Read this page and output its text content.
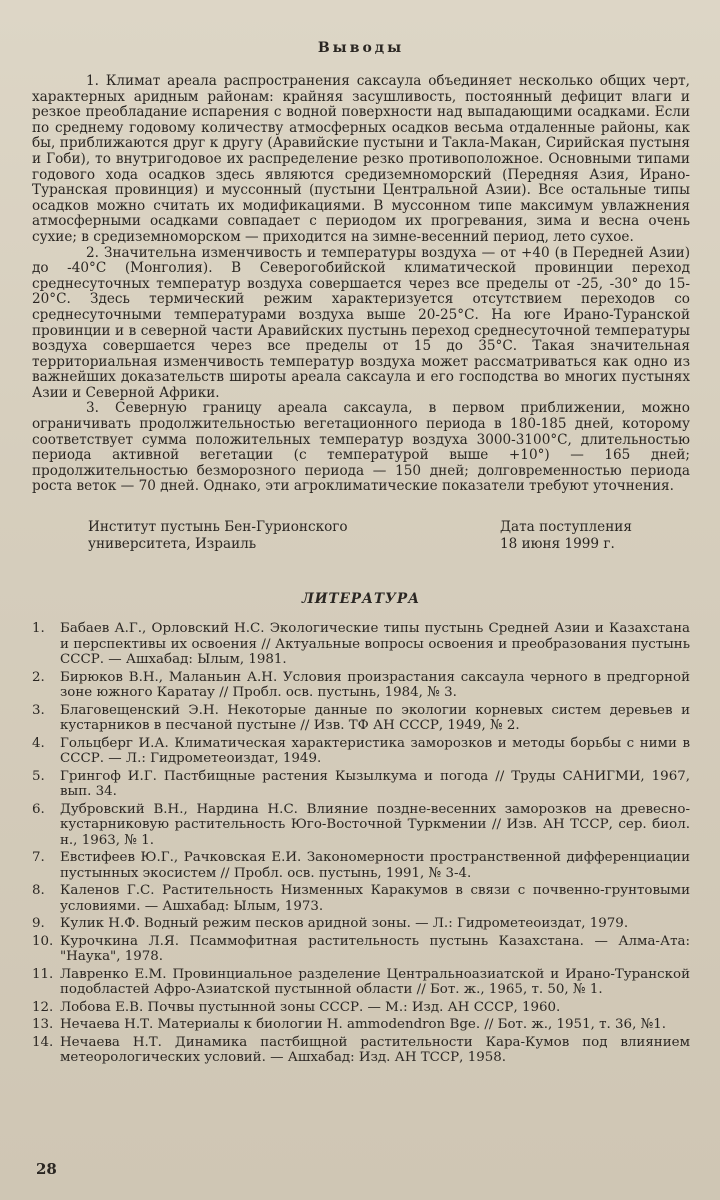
Выводы

1. Климат ареала распространения саксаула объединяет несколько общих черт, характерных аридным районам: крайняя засушливость, постоянный дефицит влаги и резкое преобладание испарения с водной поверхности над выпадающими осадками. Если по среднему годовому количеству атмосферных осадков весьма отдаленные районы, как бы, приближаются друг к другу (Аравийские пустыни и Такла-Макан, Сирийская пустыня и Гоби), то внутригодовое их распределение резко противоположное. Основными типами годового хода осадков здесь являются средиземноморский (Передняя Азия, Ирано-Туранская провинция) и муссонный (пустыни Центральной Азии). Все остальные типы осадков можно считать их модификациями. В муссонном типе максимум увлажнения атмосферными осадками совпадает с периодом их прогревания, зима и весна очень сухие; в средиземноморском — приходится на зимне-весенний период, лето сухое.

2. Значительна изменчивость и температуры воздуха — от +40 (в Передней Азии) до -40°С (Монголия). В Северогобийской климатической провинции переход среднесуточных температур воздуха совершается через все пределы от -25, -30° до 15-20°С. Здесь термический режим характеризуется отсутствием переходов со среднесуточными температурами воздуха выше 20-25°С. На юге Ирано-Туранской провинции и в северной части Аравийских пустынь переход среднесуточной температуры воздуха совершается через все пределы от 15 до 35°С. Такая значительная территориальная изменчивость температур воздуха может рассматриваться как одно из важнейших доказательств широты ареала саксаула и его господства во многих пустынях Азии и Северной Африки.

3. Северную границу ареала саксаула, в первом приближении, можно ограничивать продолжительностью вегетационного периода в 180-185 дней, которому соответствует сумма положительных температур воздуха 3000-3100°С, длительностью периода активной вегетации (с температурой выше +10°) — 165 дней; продолжительностью безморозного периода — 150 дней; долговременностью периода роста веток — 70 дней. Однако, эти агроклиматические показатели требуют уточнения.

Институт пустынь Бен-Гурионского
университета, Израиль
Дата поступления
18 июня 1999 г.
ЛИТЕРАТУРА
1.	Бабаев А.Г., Орловский Н.С. Экологические типы пустынь Средней Азии и Казахстана и перспективы их освоения // Актуальные вопросы освоения и преобразования пустынь СССР. — Ашхабад: Ылым, 1981.
2.	Бирюков В.Н., Маланьин А.Н. Условия произрастания саксаула черного в предгорной зоне южного Каратау // Пробл. осв. пустынь, 1984, № 3.
3.	Благовещенский Э.Н. Некоторые данные по экологии корневых систем деревьев и кустарников в песчаной пустыне // Изв. ТФ АН СССР, 1949, № 2.
4.	Гольцберг И.А. Климатическая характеристика заморозков и методы борьбы с ними в СССР. — Л.: Гидрометеоиздат, 1949.
5.	Грингоф И.Г. Пастбищные растения Кызылкума и погода // Труды САНИГМИ, 1967, вып. 34.
6.	Дубровский В.Н., Нардина Н.С. Влияние поздне-весенних заморозков на древесно-кустарниковую растительность Юго-Восточной Туркмении // Изв. АН ТССР, сер. биол. н., 1963, № 1.
7.	Евстифеев Ю.Г., Рачковская Е.И. Закономерности пространственной дифференциации пустынных экосистем // Пробл. осв. пустынь, 1991, № 3-4.
8.	Каленов Г.С. Растительность Низменных Каракумов в связи с почвенно-грунтовыми условиями. — Ашхабад: Ылым, 1973.
9.	Кулик Н.Ф. Водный режим песков аридной зоны. — Л.: Гидрометеоиздат, 1979.
10. Курочкина Л.Я. Псаммофитная растительность пустынь Казахстана. — Алма-Ата: "Наука", 1978.
11. Лавренко Е.М. Провинциальное разделение Центральноазиатской и Ирано-Туранской подобластей Афро-Азиатской пустынной области // Бот. ж., 1965, т. 50, № 1.
12. Лобова Е.В. Почвы пустынной зоны СССР. — М.: Изд. АН СССР, 1960.
13. Нечаева Н.Т. Материалы к биологии H. ammodendron Bge. // Бот. ж., 1951, т. 36, №1.
14. Нечаева Н.Т. Динамика пастбищной растительности Кара-Кумов под влиянием метеорологических условий. — Ашхабад: Изд. АН ТССР, 1958.
28
